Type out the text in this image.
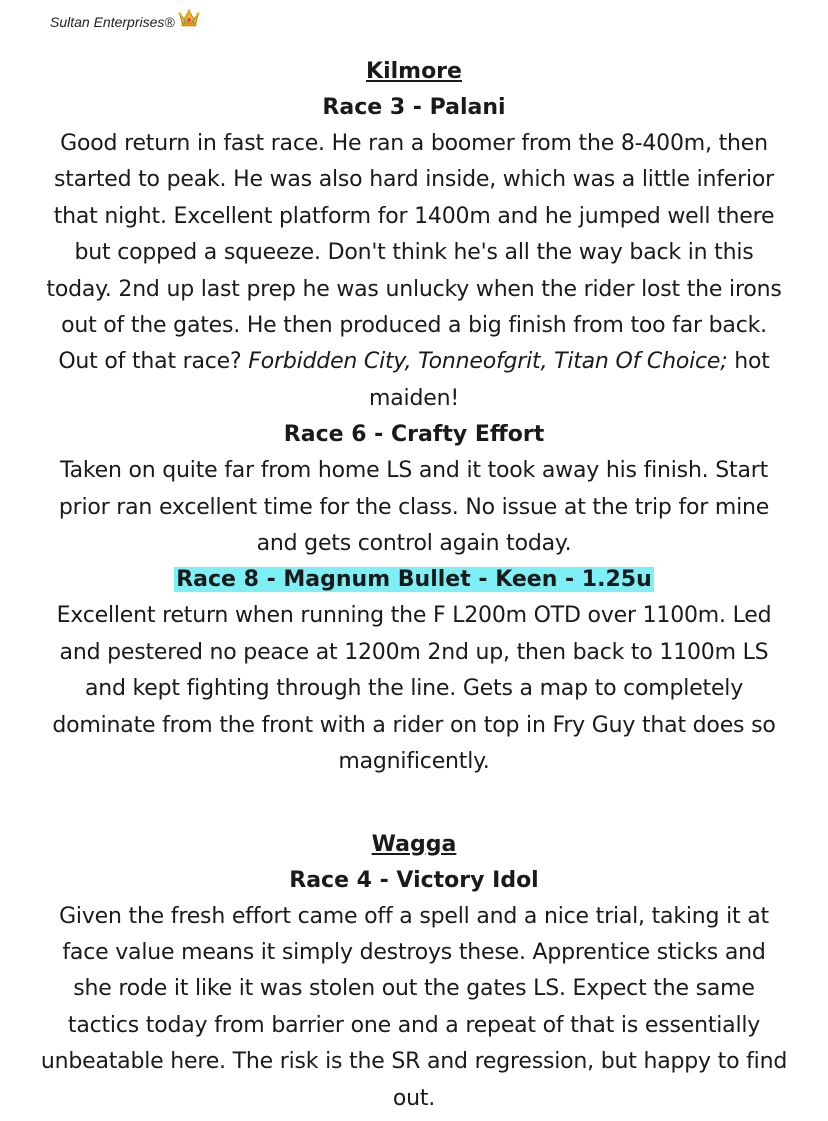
Sultan Enterprises®

Kilmore

Race 3 - Palani

Good return in fast race. He ran a boomer from the 8-400m, then started to peak. He was also hard inside, which was a little inferior that night. Excellent platform for 1400m and he jumped well there but copped a squeeze. Don't think he's all the way back in this today. 2nd up last prep he was unlucky when the rider lost the irons out of the gates. He then produced a big finish from too far back. Out of that race? Forbidden City, Tonneofgrit, Titan Of Choice; hot maiden!

Race 6 - Crafty Effort

Taken on quite far from home LS and it took away his finish. Start prior ran excellent time for the class. No issue at the trip for mine and gets control again today.

Race 8 - Magnum Bullet - Keen - 1.25u

Excellent return when running the F L200m OTD over 1100m. Led and pestered no peace at 1200m 2nd up, then back to 1100m LS and kept fighting through the line. Gets a map to completely dominate from the front with a rider on top in Fry Guy that does so magnificently.

Wagga

Race 4 - Victory Idol

Given the fresh effort came off a spell and a nice trial, taking it at face value means it simply destroys these. Apprentice sticks and she rode it like it was stolen out the gates LS. Expect the same tactics today from barrier one and a repeat of that is essentially unbeatable here. The risk is the SR and regression, but happy to find out.
